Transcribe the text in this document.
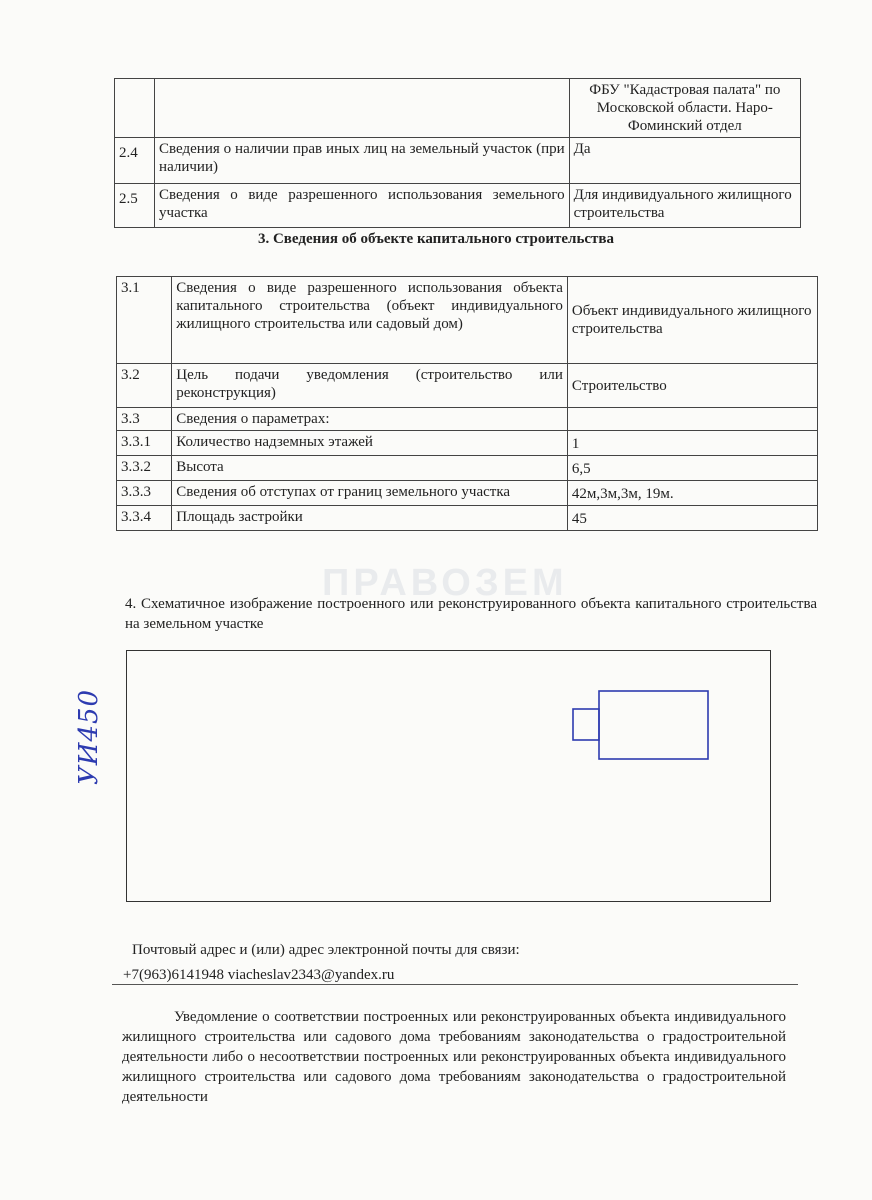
		ФБУ "Кадастровая палата" по Московской области. Наро-Фоминский отдел
2.4	Сведения о наличии прав иных лиц на земельный участок (при наличии)	Да
2.5	Сведения о виде разрешенного использования земельного участка	Для индивидуального жилищного строительства
3. Сведения об объекте капитального строительства
3.1	Сведения о виде разрешенного использования объекта капитального строительства (объект индивидуального жилищного строительства или садовый дом)	Объект индивидуального жилищного строительства
3.2	Цель подачи уведомления (строительство или реконструкция)	Строительство
3.3	Сведения о параметрах:	
3.3.1	Количество надземных этажей	1
3.3.2	Высота	6,5
3.3.3	Сведения об отступах от границ земельного участка	42м,3м,3м, 19м.
3.3.4	Площадь застройки	45
ПРАВОЗЕМ
4. Схематичное изображение построенного или реконструированного объекта капитального строительства на земельном участке
УИ450
Почтовый адрес и (или) адрес электронной почты для связи:
+7(963)6141948 viacheslav2343@yandex.ru
Уведомление о соответствии построенных или реконструированных объекта индивидуального жилищного строительства или садового дома требованиям законодательства о градостроительной деятельности либо о несоответствии построенных или реконструированных объекта индивидуального жилищного строительства или садового дома требованиям законодательства о градостроительной деятельности
